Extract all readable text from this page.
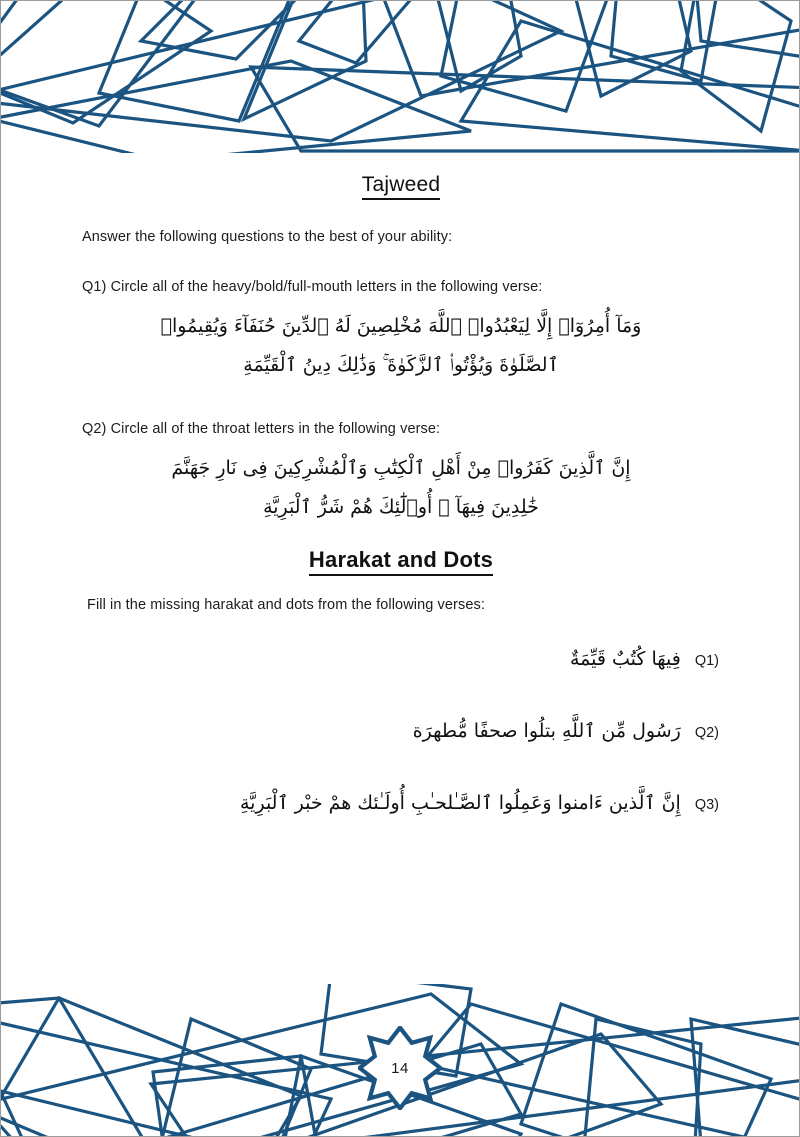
Tajweed

Answer the following questions to the best of your ability:

Q1) Circle all of the heavy/bold/full-mouth letters in the following verse:

وَمَآ أُمِرُوٓا۟ إِلَّا لِيَعْبُدُوا۟ ٱللَّهَ مُخْلِصِينَ لَهُ ٱلدِّينَ حُنَفَآءَ وَيُقِيمُوا۟
ٱلصَّلَوٰةَ وَيُؤْتُوا۟ ٱلزَّكَوٰةَ ۚ وَذَٰلِكَ دِينُ ٱلْقَيِّمَةِ

Q2) Circle all of the throat letters in the following verse:

إِنَّ ٱلَّذِينَ كَفَرُوا۟ مِنْ أَهْلِ ٱلْكِتَٰبِ وَٱلْمُشْرِكِينَ فِى نَارِ جَهَنَّمَ
خَٰلِدِينَ فِيهَآ ۚ أُو۟لَٰٓئِكَ هُمْ شَرُّ ٱلْبَرِيَّةِ
Harakat and Dots

Fill in the missing harakat and dots from the following verses:

Q1)
فِيهَا كُتُبٌ قَيِّمَةٌ
Q2)
رَسُول مِّن ٱللَّهِ بتلُوا صحفًا مُّطهرَة
Q3)
إِنَّ ٱلَّذين ءَامنوا وَعَمِلُوا ٱلصَّـٰلحـٰبِ أُولَـٰئك همْ خبْر ٱلْبَرِيَّةِ
14
